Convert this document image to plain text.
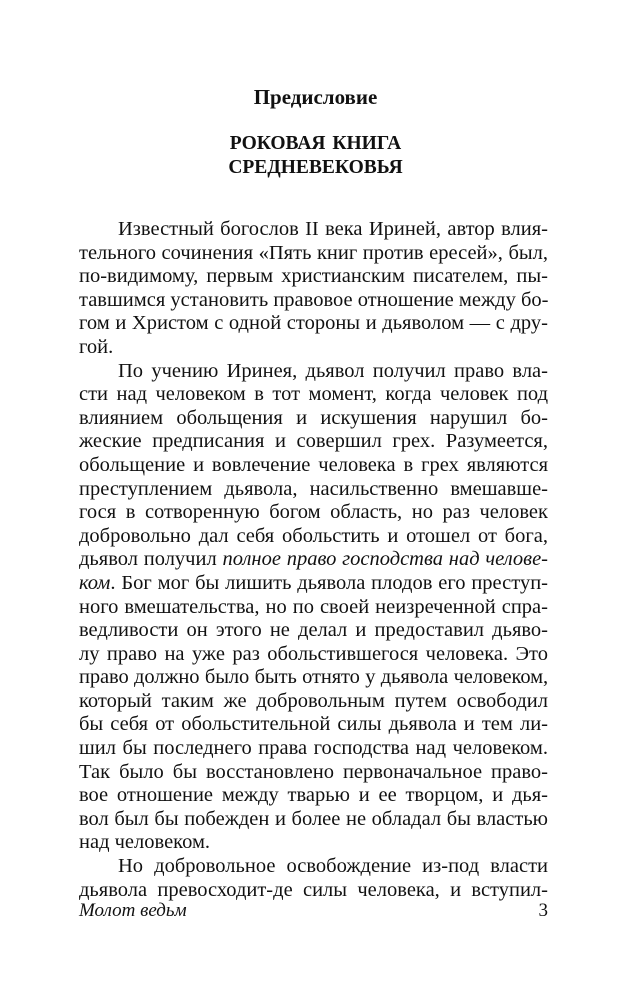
Предисловие
РОКОВАЯ КНИГА
СРЕДНЕВЕКОВЬЯ
Известный богослов II века Ириней, автор влия-
тельного сочинения «Пять книг против ересей», был,
по-видимому, первым христианским писателем, пы-
тавшимся установить правовое отношение между бо-
гом и Христом с одной стороны и дьяволом — с дру-
гой.
По учению Иринея, дьявол получил право вла-
сти над человеком в тот момент, когда человек под
влиянием обольщения и искушения нарушил бо-
жеские предписания и совершил грех. Разумеется,
обольщение и вовлечение человека в грех являются
преступлением дьявола, насильственно вмешавше-
гося в сотворенную богом область, но раз человек
добровольно дал себя обольстить и отошел от бога,
дьявол получил полное право господства над челове-
ком. Бог мог бы лишить дьявола плодов его преступ-
ного вмешательства, но по своей неизреченной спра-
ведливости он этого не делал и предоставил дьяво-
лу право на уже раз обольстившегося человека. Это
право должно было быть отнято у дьявола человеком,
который таким же добровольным путем освободил
бы себя от обольстительной силы дьявола и тем ли-
шил бы последнего права господства над человеком.
Так было бы восстановлено первоначальное право-
вое отношение между тварью и ее творцом, и дья-
вол был бы побежден и более не обладал бы властью
над человеком.
Но добровольное освобождение из-под власти
дьявола превосходит-де силы человека, и вступил-
Молот ведьм	3
